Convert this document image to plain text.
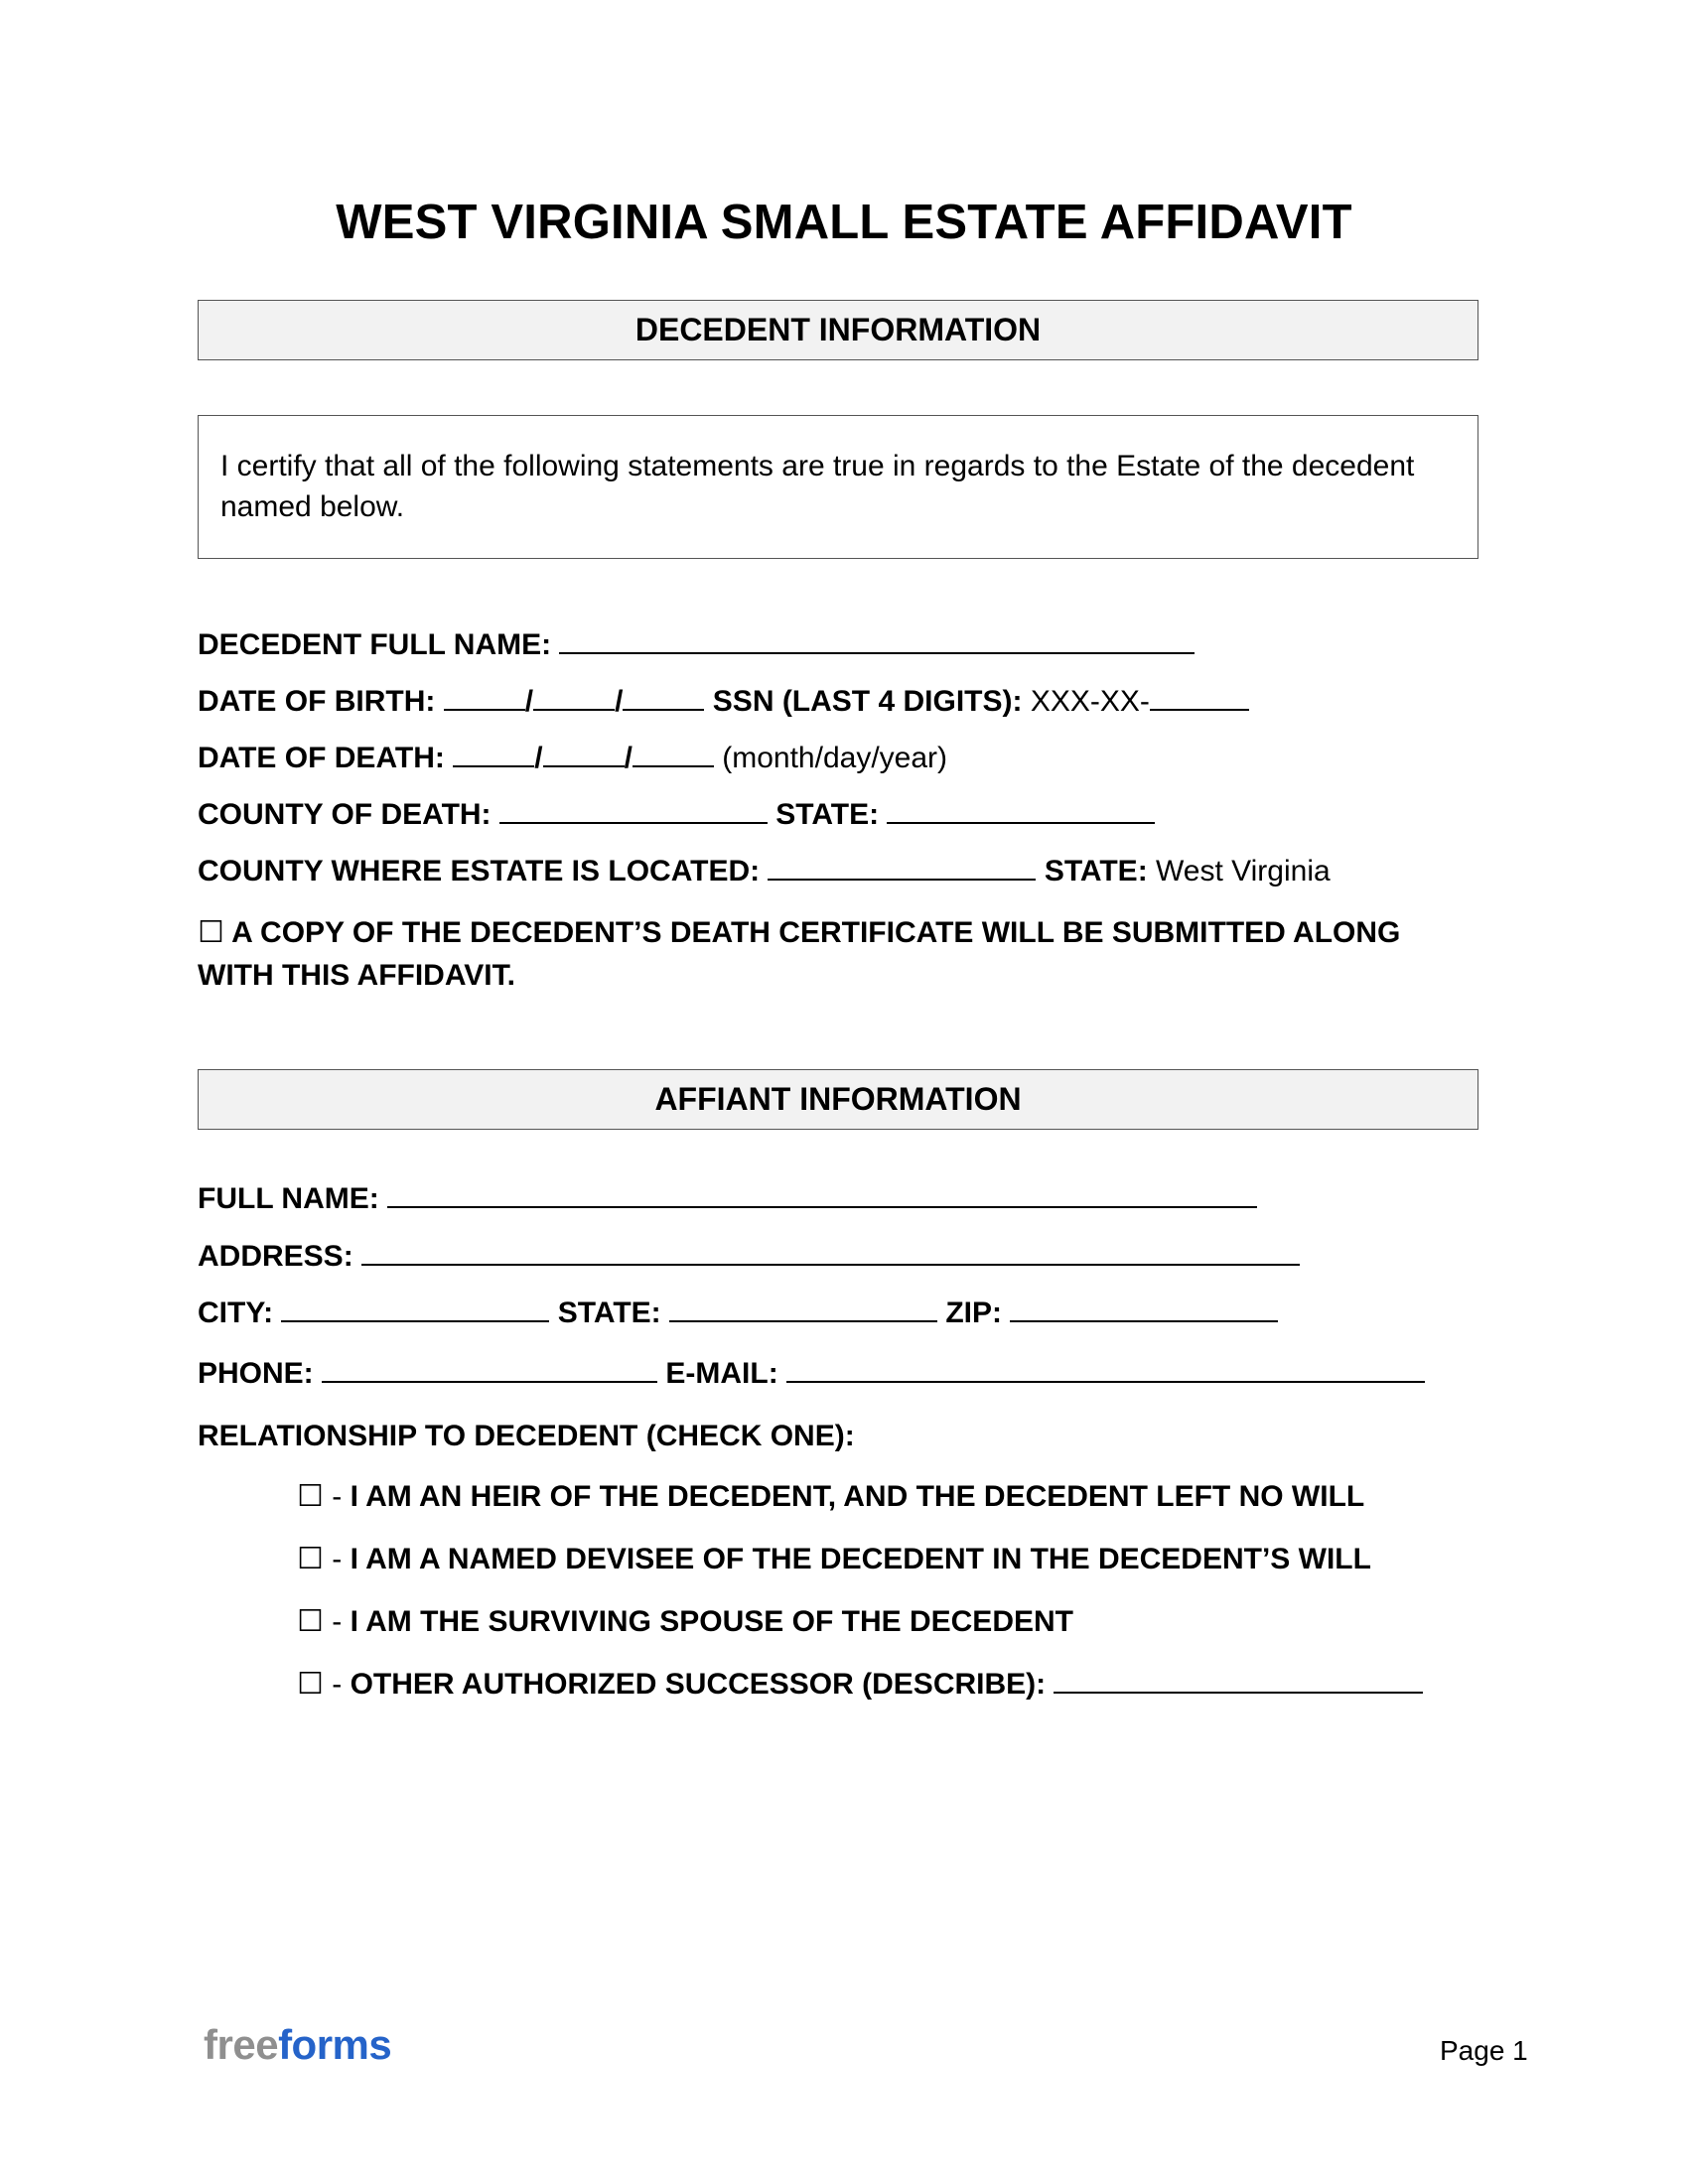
WEST VIRGINIA SMALL ESTATE AFFIDAVIT
DECEDENT INFORMATION
I certify that all of the following statements are true in regards to the Estate of the decedent named below.
DECEDENT FULL NAME:
DATE OF BIRTH:	/	/	SSN (LAST 4 DIGITS): XXX-XX-
DATE OF DEATH:	/	/	(month/day/year)
COUNTY OF DEATH:	STATE:
COUNTY WHERE ESTATE IS LOCATED:	STATE: West Virginia
☐ A COPY OF THE DECEDENT’S DEATH CERTIFICATE WILL BE SUBMITTED ALONG WITH THIS AFFIDAVIT.
AFFIANT INFORMATION
FULL NAME:
ADDRESS:
CITY:	STATE:	ZIP:
PHONE:	E-MAIL:
RELATIONSHIP TO DECEDENT (CHECK ONE):
☐ - I AM AN HEIR OF THE DECEDENT, AND THE DECEDENT LEFT NO WILL
☐ - I AM A NAMED DEVISEE OF THE DECEDENT IN THE DECEDENT’S WILL
☐ - I AM THE SURVIVING SPOUSE OF THE DECEDENT
☐ - OTHER AUTHORIZED SUCCESSOR (DESCRIBE):
freeforms	Page 1
